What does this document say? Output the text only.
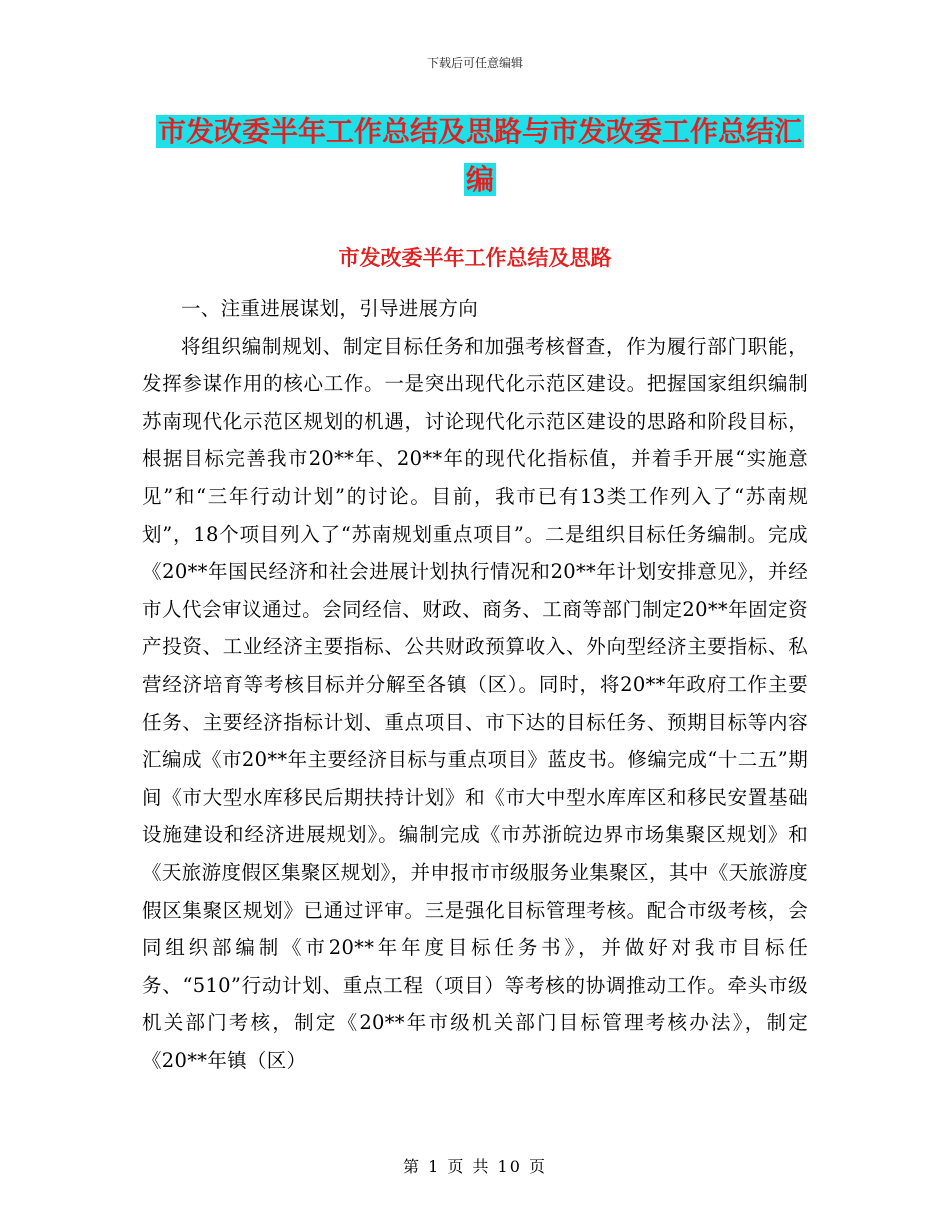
下载后可任意编辑
市发改委半年工作总结及思路与市发改委工作总结汇
编
市发改委半年工作总结及思路

一、注重进展谋划，引导进展方向

将组织编制规划、制定目标任务和加强考核督查，作为履行部门职能，发挥参谋作用的核心工作。一是突出现代化示范区建设。把握国家组织编制苏南现代化示范区规划的机遇，讨论现代化示范区建设的思路和阶段目标，根据目标完善我市20**年、20**年的现代化指标值，并着手开展“实施意见”和“三年行动计划”的讨论。目前，我市已有13类工作列入了“苏南规划”，18个项目列入了“苏南规划重点项目”。二是组织目标任务编制。完成《20**年国民经济和社会进展计划执行情况和20**年计划安排意见》，并经市人代会审议通过。会同经信、财政、商务、工商等部门制定20**年固定资产投资、工业经济主要指标、公共财政预算收入、外向型经济主要指标、私营经济培育等考核目标并分解至各镇（区）。同时，将20**年政府工作主要任务、主要经济指标计划、重点项目、市下达的目标任务、预期目标等内容汇编成《市20**年主要经济目标与重点项目》蓝皮书。修编完成“十二五”期间《市大型水库移民后期扶持计划》和《市大中型水库库区和移民安置基础设施建设和经济进展规划》。编制完成《市苏浙皖边界市场集聚区规划》和《天旅游度假区集聚区规划》，并申报市市级服务业集聚区，其中《天旅游度假区集聚区规划》已通过评审。三是强化目标管理考核。配合市级考核，会同组织部编制《市20**年年度目标任务书》，并做好对我市目标任务、“510”行动计划、重点工程（项目）等考核的协调推动工作。牵头市级机关部门考核，制定《20**年市级机关部门目标管理考核办法》，制定《20**年镇（区）

第 1 页 共 10 页
